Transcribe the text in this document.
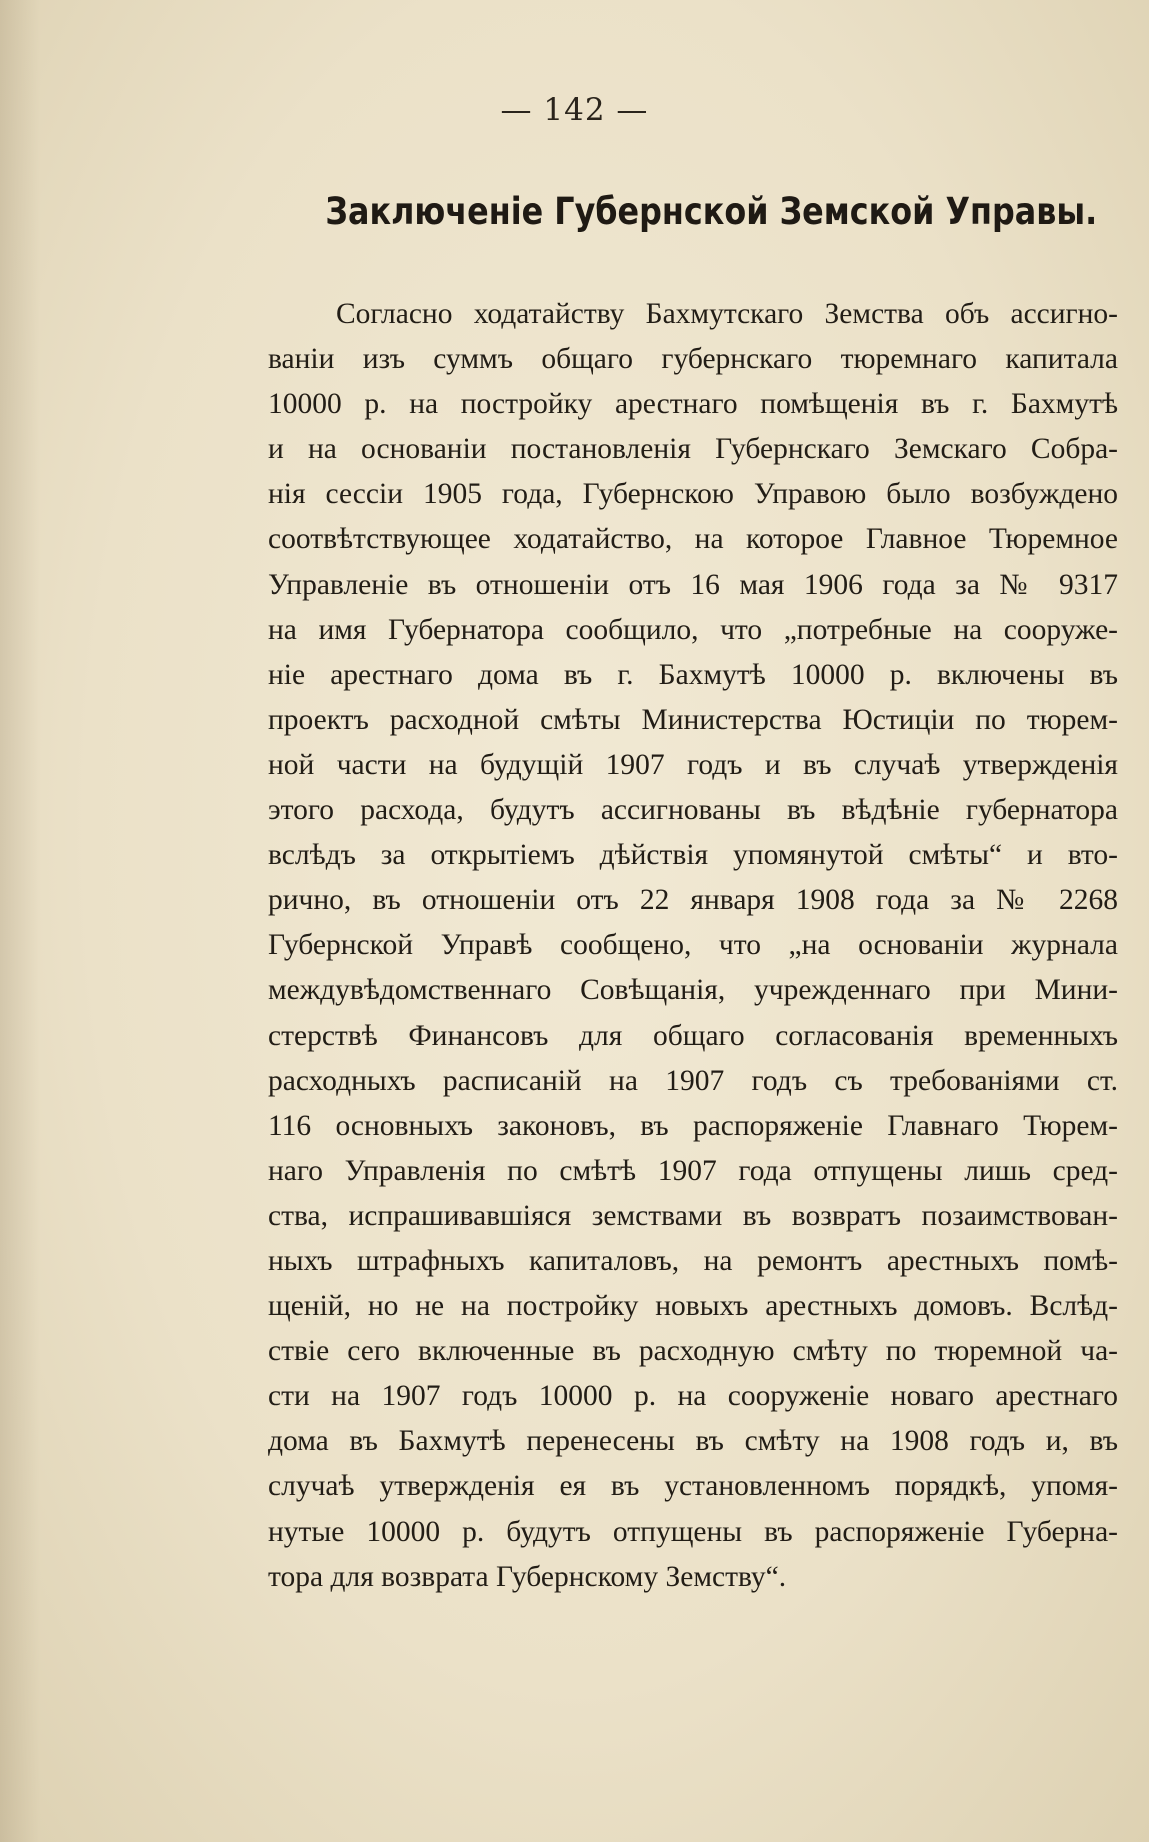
— 142 —
Заключенiе Губернской Земской Управы.
Согласно ходатайству Бахмутскаго Земства объ ассигно-
ванiи изъ суммъ общаго губернскаго тюремнаго капитала
10000 р. на постройку арестнаго помѣщенiя въ г. Бахмутѣ
и на основанiи постановленiя Губернскаго Земскаго Собра-
нiя сессiи 1905 года, Губернскою Управою было возбуждено
соотвѣтствующее ходатайство, на которое Главное Тюремное
Управленiе въ отношенiи отъ 16 мая 1906 года за № 9317
на имя Губернатора сообщило, что „потребные на сооруже-
нiе арестнаго дома въ г. Бахмутѣ 10000 р. включены въ
проектъ расходной смѣты Министерства Юстицiи по тюрем-
ной части на будущiй 1907 годъ и въ случаѣ утвержденiя
этого расхода, будутъ ассигнованы въ вѣдѣнiе губернатора
вслѣдъ за открытiемъ дѣйствiя упомянутой смѣты“ и вто-
рично, въ отношенiи отъ 22 января 1908 года за № 2268
Губернской Управѣ сообщено, что „на основанiи журнала
междувѣдомственнаго Совѣщанiя, учрежденнаго при Мини-
стерствѣ Финансовъ для общаго согласованiя временныхъ
расходныхъ расписанiй на 1907 годъ съ требованiями ст.
116 основныхъ законовъ, въ распоряженiе Главнаго Тюрем-
наго Управленiя по смѣтѣ 1907 года отпущены лишь сред-
ства, испрашивавшiяся земствами въ возвратъ позаимствован-
ныхъ штрафныхъ капиталовъ, на ремонтъ арестныхъ помѣ-
щенiй, но не на постройку новыхъ арестныхъ домовъ. Вслѣд-
ствiе сего включенные въ расходную смѣту по тюремной ча-
сти на 1907 годъ 10000 р. на сооруженiе новаго арестнаго
дома въ Бахмутѣ перенесены въ смѣту на 1908 годъ и, въ
случаѣ утвержденiя ея въ установленномъ порядкѣ, упомя-
нутые 10000 р. будутъ отпущены въ распоряженiе Губерна-
тора для возврата Губернскому Земству“.
